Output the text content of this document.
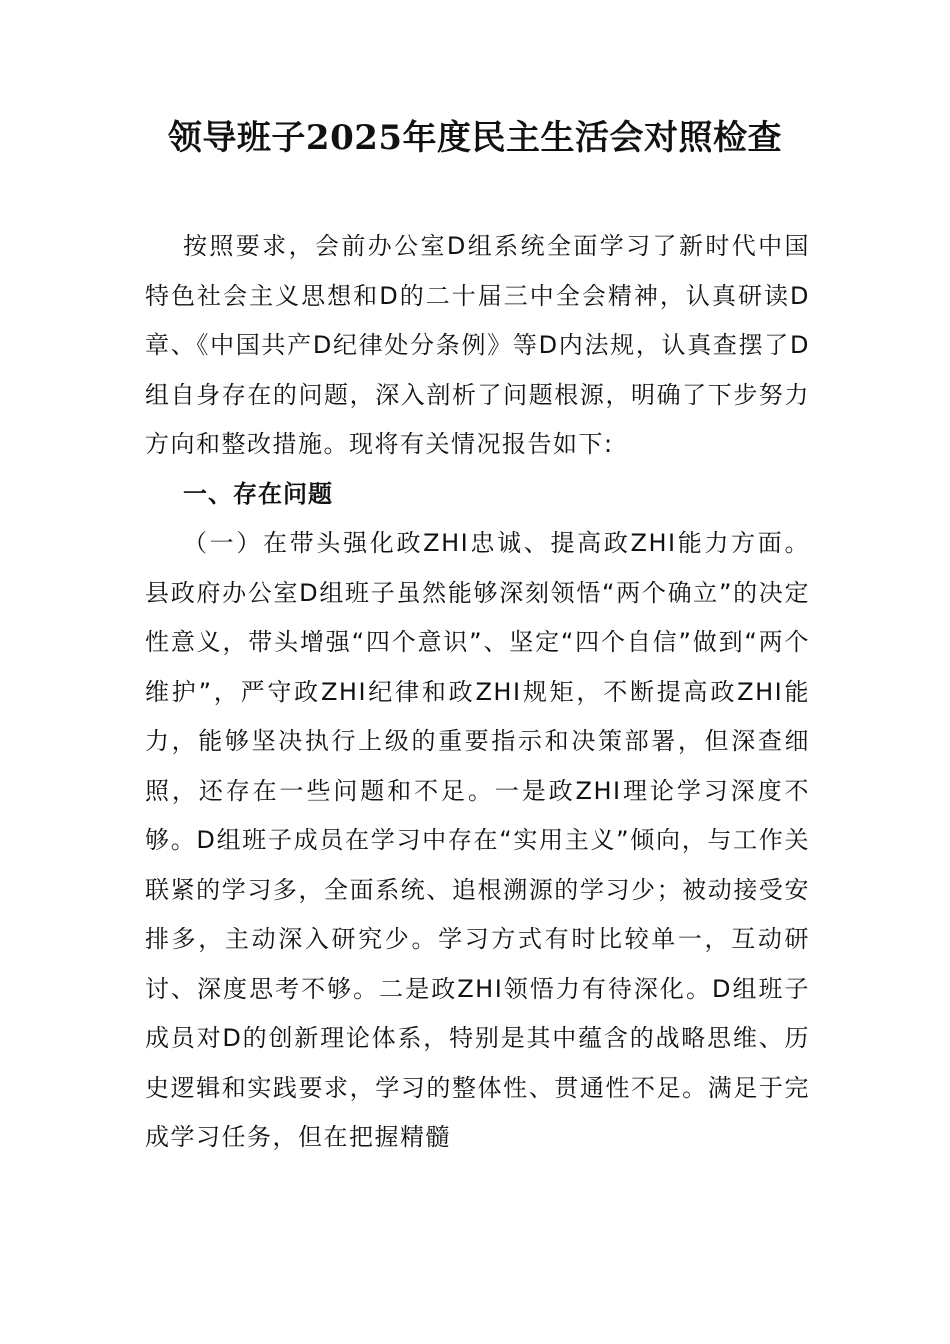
领导班子2025年度民主生活会对照检查

按照要求，会前办公室D组系统全面学习了新时代中国特色社会主义思想和D的二十届三中全会精神，认真研读D章、《中国共产D纪律处分条例》等D内法规，认真查摆了D组自身存在的问题，深入剖析了问题根源，明确了下步努力方向和整改措施。现将有关情况报告如下:

一、存在问题

（一）在带头强化政ZHI忠诚、提高政ZHI能力方面。县政府办公室D组班子虽然能够深刻领悟“两个确立”的决定性意义，带头增强“四个意识”、坚定“四个自信”做到“两个维护”，严守政ZHI纪律和政ZHI规矩，不断提高政ZHI能力，能够坚决执行上级的重要指示和决策部署，但深查细照，还存在一些问题和不足。一是政ZHI理论学习深度不够。D组班子成员在学习中存在“实用主义”倾向，与工作关联紧的学习多，全面系统、追根溯源的学习少；被动接受安排多，主动深入研究少。学习方式有时比较单一，互动研讨、深度思考不够。二是政ZHI领悟力有待深化。D组班子成员对D的创新理论体系，特别是其中蕴含的战略思维、历史逻辑和实践要求，学习的整体性、贯通性不足。满足于完成学习任务，但在把握精髓
